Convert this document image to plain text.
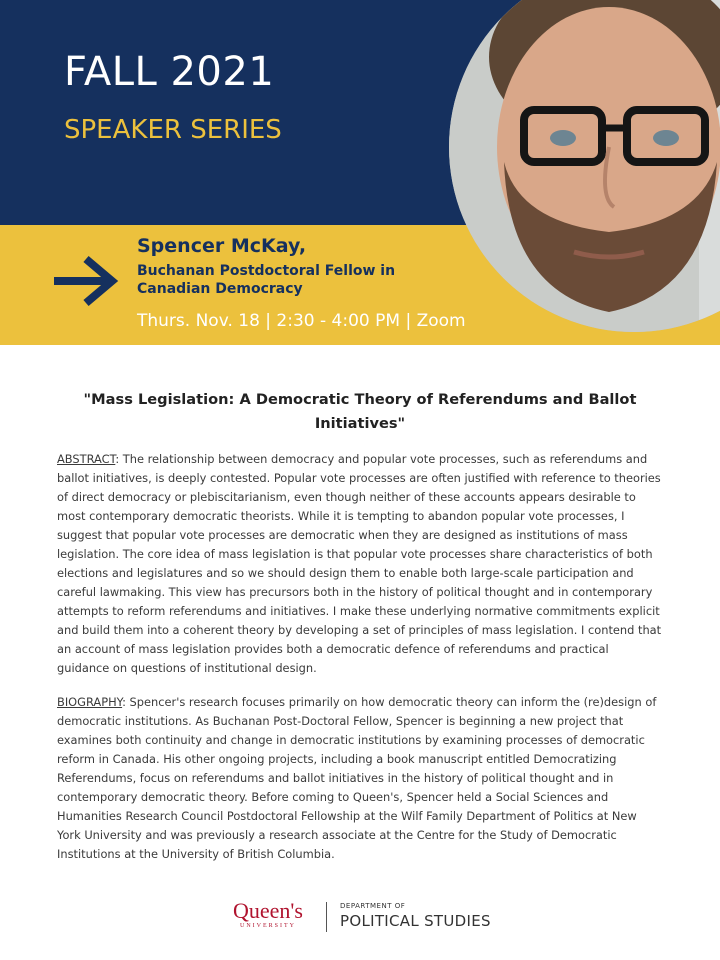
FALL 2021
SPEAKER SERIES
Spencer McKay,
Buchanan Postdoctoral Fellow in Canadian Democracy
Thurs. Nov. 18 | 2:30 - 4:00 PM | Zoom
"Mass Legislation: A Democratic Theory of Referendums and Ballot Initiatives"

ABSTRACT: The relationship between democracy and popular vote processes, such as referendums and ballot initiatives, is deeply contested. Popular vote processes are often justified with reference to theories of direct democracy or plebiscitarianism, even though neither of these accounts appears desirable to most contemporary democratic theorists. While it is tempting to abandon popular vote processes, I suggest that popular vote processes are democratic when they are designed as institutions of mass legislation. The core idea of mass legislation is that popular vote processes share characteristics of both elections and legislatures and so we should design them to enable both large-scale participation and careful lawmaking. This view has precursors both in the history of political thought and in contemporary attempts to reform referendums and initiatives. I make these underlying normative commitments explicit and build them into a coherent theory by developing a set of principles of mass legislation. I contend that an account of mass legislation provides both a democratic defence of referendums and practical guidance on questions of institutional design.

BIOGRAPHY: Spencer's research focuses primarily on how democratic theory can inform the (re)design of democratic institutions. As Buchanan Post-Doctoral Fellow, Spencer is beginning a new project that examines both continuity and change in democratic institutions by examining processes of democratic reform in Canada. His other ongoing projects, including a book manuscript entitled Democratizing Referendums, focus on referendums and ballot initiatives in the history of political thought and in contemporary democratic theory. Before coming to Queen's, Spencer held a Social Sciences and Humanities Research Council Postdoctoral Fellowship at the Wilf Family Department of Politics at New York University and was previously a research associate at the Centre for the Study of Democratic Institutions at the University of British Columbia.

Queen's
UNIVERSITY
DEPARTMENT OF
POLITICAL STUDIES
